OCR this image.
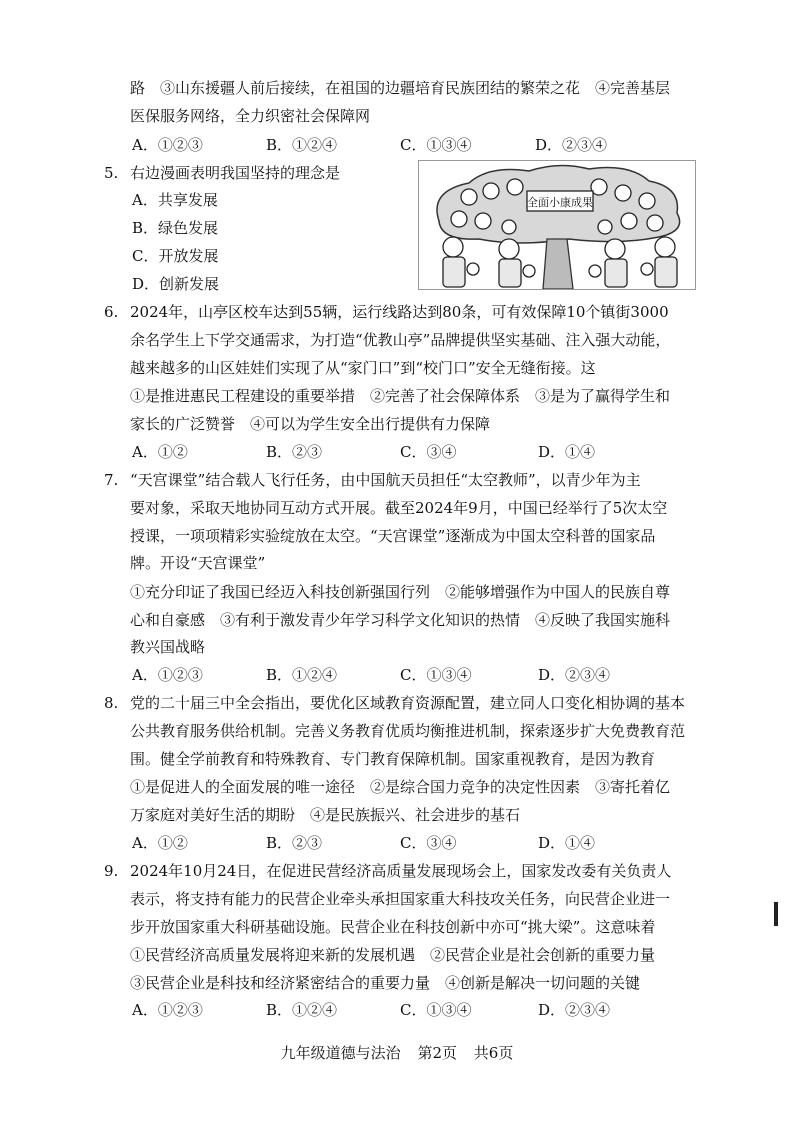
路　③山东援疆人前后接续，在祖国的边疆培育民族团结的繁荣之花　④完善基层
医保服务网络，全力织密社会保障网
A．①②③	B．①②④	C．①③④	D．②③④
5. 右边漫画表明我国坚持的理念是
A．共享发展
B．绿色发展
C．开放发展
D．创新发展
全面小康成果
6. 2024年，山亭区校车达到55辆，运行线路达到80条，可有效保障10个镇街3000
余名学生上下学交通需求，为打造“优教山亭”品牌提供坚实基础、注入强大动能，
越来越多的山区娃娃们实现了从“家门口”到“校门口”安全无缝衔接。这
①是推进惠民工程建设的重要举措　②完善了社会保障体系　③是为了赢得学生和
家长的广泛赞誉　④可以为学生安全出行提供有力保障
A．①②	B．②③	C．③④	D．①④
7. “天宫课堂”结合载人飞行任务，由中国航天员担任“太空教师”，以青少年为主
要对象，采取天地协同互动方式开展。截至2024年9月，中国已经举行了5次太空
授课，一项项精彩实验绽放在太空。“天宫课堂”逐渐成为中国太空科普的国家品
牌。开设“天宫课堂”
①充分印证了我国已经迈入科技创新强国行列　②能够增强作为中国人的民族自尊
心和自豪感　③有利于激发青少年学习科学文化知识的热情　④反映了我国实施科
教兴国战略
A．①②③	B．①②④	C．①③④	D．②③④
8. 党的二十届三中全会指出，要优化区域教育资源配置，建立同人口变化相协调的基本
公共教育服务供给机制。完善义务教育优质均衡推进机制，探索逐步扩大免费教育范
围。健全学前教育和特殊教育、专门教育保障机制。国家重视教育，是因为教育
①是促进人的全面发展的唯一途径　②是综合国力竞争的决定性因素　③寄托着亿
万家庭对美好生活的期盼　④是民族振兴、社会进步的基石
A．①②	B．②③	C．③④	D．①④
9. 2024年10月24日，在促进民营经济高质量发展现场会上，国家发改委有关负责人
表示，将支持有能力的民营企业牵头承担国家重大科技攻关任务，向民营企业进一
步开放国家重大科研基础设施。民营企业在科技创新中亦可“挑大梁”。这意味着
①民营经济高质量发展将迎来新的发展机遇　②民营企业是社会创新的重要力量
③民营企业是科技和经济紧密结合的重要力量　④创新是解决一切问题的关键
A．①②③	B．①②④	C．①③④	D．②③④
九年级道德与法治 第2页 共6页
